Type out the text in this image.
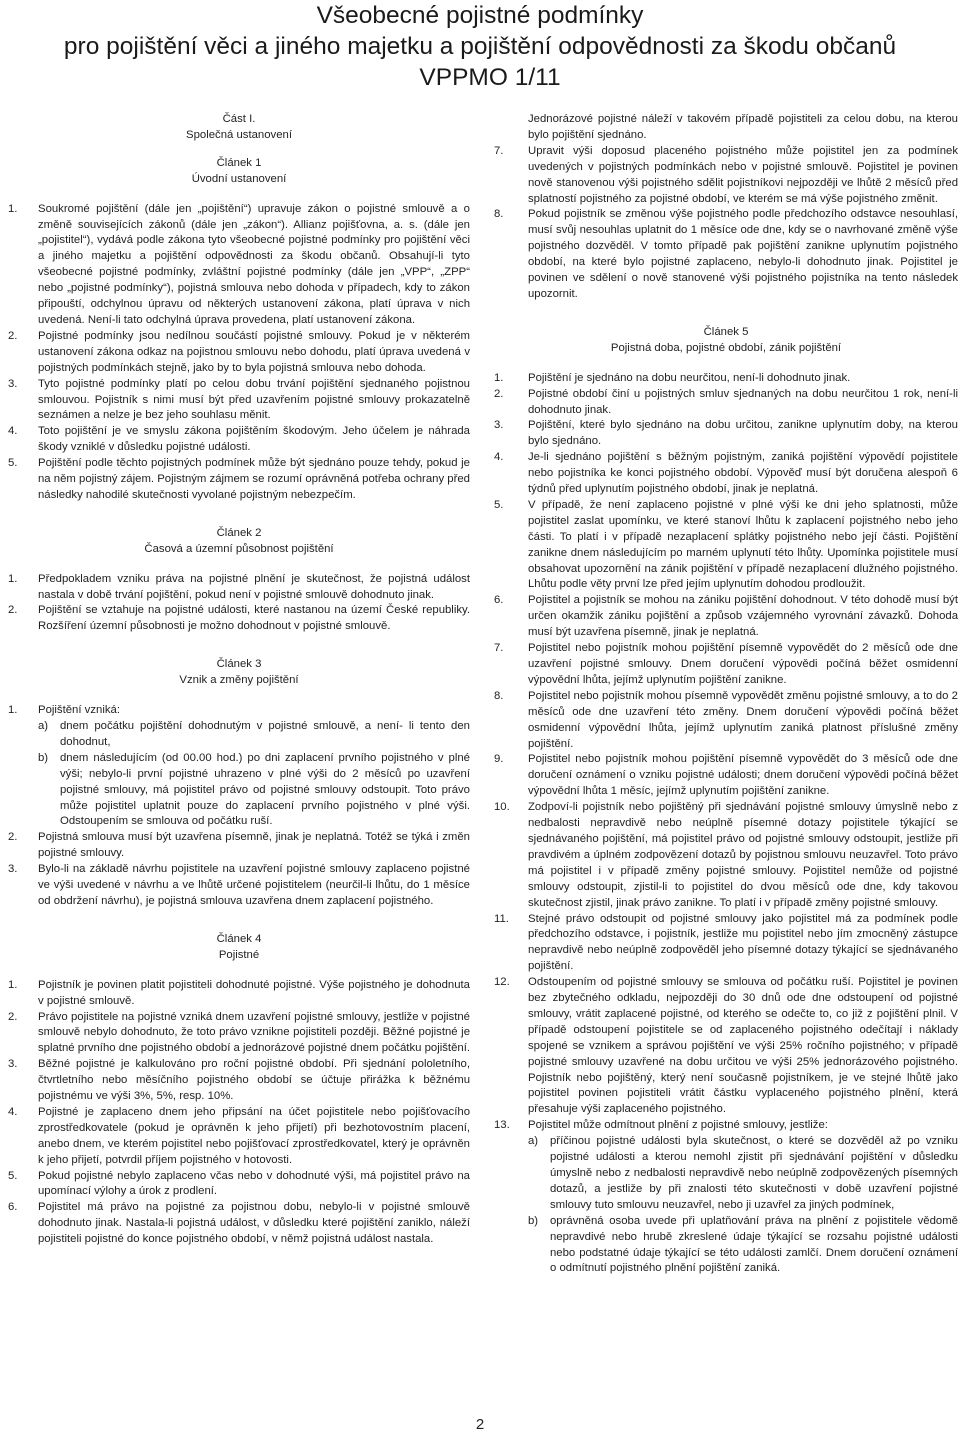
Všeobecné pojistné podmínky
pro pojištění věci a jiného majetku a pojištění odpovědnosti za škodu občanů
VPPMO 1/11
Část I.
Společná ustanovení
Článek 1
Úvodní ustanovení
1.	Soukromé pojištění (dále jen „pojištění“) upravuje zákon o pojistné smlouvě a o změně souvisejících zákonů (dále jen „zákon“). Allianz pojišťovna, a. s. (dále jen „pojistitel“), vydává podle zákona tyto všeobecné pojistné podmínky pro pojištění věci a jiného majetku a pojištění odpovědnosti za škodu občanů. Obsahují-li tyto všeobecné pojistné podmínky, zvláštní pojistné podmínky (dále jen „VPP“, „ZPP“ nebo „pojistné podmínky“), pojistná smlouva nebo dohoda v případech, kdy to zákon připouští, odchylnou úpravu od některých ustanovení zákona, platí úprava v nich uvedená. Není-li tato odchylná úprava provedena, platí ustanovení zákona.
2.	Pojistné podmínky jsou nedílnou součástí pojistné smlouvy. Pokud je v některém ustanovení zákona odkaz na pojistnou smlouvu nebo dohodu, platí úprava uvedená v pojistných podmínkách stejně, jako by to byla pojistná smlouva nebo dohoda.
3.	Tyto pojistné podmínky platí po celou dobu trvání pojištění sjednaného pojistnou smlouvou. Pojistník s nimi musí být před uzavřením pojistné smlouvy prokazatelně seznámen a nelze je bez jeho souhlasu měnit.
4.	Toto pojištění je ve smyslu zákona pojištěním škodovým. Jeho účelem je náhrada škody vzniklé v důsledku pojistné události.
5.	Pojištění podle těchto pojistných podmínek může být sjednáno pouze tehdy, pokud je na něm pojistný zájem. Pojistným zájmem se rozumí oprávněná potřeba ochrany před následky nahodilé skutečnosti vyvolané pojistným nebezpečím.
Článek 2
Časová a územní působnost pojištění
1.	Předpokladem vzniku práva na pojistné plnění je skutečnost, že pojistná událost nastala v době trvání pojištění, pokud není v pojistné smlouvě dohodnuto jinak.
2.	Pojištění se vztahuje na pojistné události, které nastanou na území České republiky. Rozšíření územní působnosti je možno dohodnout v pojistné smlouvě.
Článek 3
Vznik a změny pojištění
1.	Pojištění vzniká:
a)	dnem počátku pojištění dohodnutým v pojistné smlouvě, a není- li tento den dohodnut,
b)	dnem následujícím (od 00.00 hod.) po dni zaplacení prvního pojistného v plné výši; nebylo-li první pojistné uhrazeno v plné výši do 2 měsíců po uzavření pojistné smlouvy, má pojistitel právo od pojistné smlouvy odstoupit. Toto právo může pojistitel uplatnit pouze do zaplacení prvního pojistného v plné výši. Odstoupením se smlouva od počátku ruší.
2.	Pojistná smlouva musí být uzavřena písemně, jinak je neplatná. Totéž se týká i změn pojistné smlouvy.
3.	Bylo-li na základě návrhu pojistitele na uzavření pojistné smlouvy zaplaceno pojistné ve výši uvedené v návrhu a ve lhůtě určené pojistitelem (neurčil-li lhůtu, do 1 měsíce od obdržení návrhu), je pojistná smlouva uzavřena dnem zaplacení pojistného.
Článek 4
Pojistné
1.	Pojistník je povinen platit pojistiteli dohodnuté pojistné. Výše pojistného je dohodnuta v pojistné smlouvě.
2.	Právo pojistitele na pojistné vzniká dnem uzavření pojistné smlouvy, jestliže v pojistné smlouvě nebylo dohodnuto, že toto právo vznikne pojistiteli později. Běžné pojistné je splatné prvního dne pojistného období a jednorázové pojistné dnem počátku pojištění.
3.	Běžné pojistné je kalkulováno pro roční pojistné období. Při sjednání pololetního, čtvrtletního nebo měsíčního pojistného období se účtuje přirážka k běžnému pojistnému ve výši 3%, 5%, resp. 10%.
4.	Pojistné je zaplaceno dnem jeho připsání na účet pojistitele nebo pojišťovacího zprostředkovatele (pokud je oprávněn k jeho přijetí) při bezhotovostním placení, anebo dnem, ve kterém pojistitel nebo pojišťovací zprostředkovatel, který je oprávněn k jeho přijetí, potvrdil příjem pojistného v hotovosti.
5.	Pokud pojistné nebylo zaplaceno včas nebo v dohodnuté výši, má pojistitel právo na upomínací výlohy a úrok z prodlení.
6.	Pojistitel má právo na pojistné za pojistnou dobu, nebylo-li v pojistné smlouvě dohodnuto jinak. Nastala-li pojistná událost, v důsledku které pojištění zaniklo, náleží pojistiteli pojistné do konce pojistného období, v němž pojistná událost nastala.
Jednorázové pojistné náleží v takovém případě pojistiteli za celou dobu, na kterou bylo pojištění sjednáno.
7.	Upravit výši doposud placeného pojistného může pojistitel jen za podmínek uvedených v pojistných podmínkách nebo v pojistné smlouvě. Pojistitel je povinen nově stanovenou výši pojistného sdělit pojistníkovi nejpozději ve lhůtě 2 měsíců před splatností pojistného za pojistné období, ve kterém se má výše pojistného změnit.
8.	Pokud pojistník se změnou výše pojistného podle předchozího odstavce nesouhlasí, musí svůj nesouhlas uplatnit do 1 měsíce ode dne, kdy se o navrhované změně výše pojistného dozvěděl. V tomto případě pak pojištění zanikne uplynutím pojistného období, na které bylo pojistné zaplaceno, nebylo-li dohodnuto jinak. Pojistitel je povinen ve sdělení o nově stanovené výši pojistného pojistníka na tento následek upozornit.
Článek 5
Pojistná doba, pojistné období, zánik pojištění
1.	Pojištění je sjednáno na dobu neurčitou, není-li dohodnuto jinak.
2.	Pojistné období činí u pojistných smluv sjednaných na dobu neurčitou 1 rok, není-li dohodnuto jinak.
3.	Pojištění, které bylo sjednáno na dobu určitou, zanikne uplynutím doby, na kterou bylo sjednáno.
4.	Je-li sjednáno pojištění s běžným pojistným, zaniká pojištění výpovědí pojistitele nebo pojistníka ke konci pojistného období. Výpověď musí být doručena alespoň 6 týdnů před uplynutím pojistného období, jinak je neplatná.
5.	V případě, že není zaplaceno pojistné v plné výši ke dni jeho splatnosti, může pojistitel zaslat upomínku, ve které stanoví lhůtu k zaplacení pojistného nebo jeho části. To platí i v případě nezaplacení splátky pojistného nebo její části. Pojištění zanikne dnem následujícím po marném uplynutí této lhůty. Upomínka pojistitele musí obsahovat upozornění na zánik pojištění v případě nezaplacení dlužného pojistného. Lhůtu podle věty první lze před jejím uplynutím dohodou prodloužit.
6.	Pojistitel a pojistník se mohou na zániku pojištění dohodnout. V této dohodě musí být určen okamžik zániku pojištění a způsob vzájemného vyrovnání závazků. Dohoda musí být uzavřena písemně, jinak je neplatná.
7.	Pojistitel nebo pojistník mohou pojištění písemně vypovědět do 2 měsíců ode dne uzavření pojistné smlouvy. Dnem doručení výpovědi počíná běžet osmidenní výpovědní lhůta, jejímž uplynutím pojištění zanikne.
8.	Pojistitel nebo pojistník mohou písemně vypovědět změnu pojistné smlouvy, a to do 2 měsíců ode dne uzavření této změny. Dnem doručení výpovědi počíná běžet osmidenní výpovědní lhůta, jejímž uplynutím zaniká platnost příslušné změny pojištění.
9.	Pojistitel nebo pojistník mohou pojištění písemně vypovědět do 3 měsíců ode dne doručení oznámení o vzniku pojistné události; dnem doručení výpovědi počíná běžet výpovědní lhůta 1 měsíc, jejímž uplynutím pojištění zanikne.
10.	Zodpoví-li pojistník nebo pojištěný při sjednávání pojistné smlouvy úmyslně nebo z nedbalosti nepravdivě nebo neúplně písemné dotazy pojistitele týkající se sjednávaného pojištění, má pojistitel právo od pojistné smlouvy odstoupit, jestliže při pravdivém a úplném zodpovězení dotazů by pojistnou smlouvu neuzavřel. Toto právo má pojistitel i v případě změny pojistné smlouvy. Pojistitel nemůže od pojistné smlouvy odstoupit, zjistil-li to pojistitel do dvou měsíců ode dne, kdy takovou skutečnost zjistil, jinak právo zanikne. To platí i v případě změny pojistné smlouvy.
11.	Stejné právo odstoupit od pojistné smlouvy jako pojistitel má za podmínek podle předchozího odstavce, i pojistník, jestliže mu pojistitel nebo jím zmocněný zástupce nepravdivě nebo neúplně zodpověděl jeho písemné dotazy týkající se sjednávaného pojištění.
12.	Odstoupením od pojistné smlouvy se smlouva od počátku ruší. Pojistitel je povinen bez zbytečného odkladu, nejpozději do 30 dnů ode dne odstoupení od pojistné smlouvy, vrátit zaplacené pojistné, od kterého se odečte to, co již z pojištění plnil. V případě odstoupení pojistitele se od zaplaceného pojistného odečítají i náklady spojené se vznikem a správou pojištění ve výši 25% ročního pojistného; v případě pojistné smlouvy uzavřené na dobu určitou ve výši 25% jednorázového pojistného. Pojistník nebo pojištěný, který není současně pojistníkem, je ve stejné lhůtě jako pojistitel povinen pojistiteli vrátit částku vyplaceného pojistného plnění, která přesahuje výši zaplaceného pojistného.
13.	Pojistitel může odmítnout plnění z pojistné smlouvy, jestliže:
a)	příčinou pojistné události byla skutečnost, o které se dozvěděl až po vzniku pojistné události a kterou nemohl zjistit při sjednávání pojištění v důsledku úmyslně nebo z nedbalosti nepravdivě nebo neúplně zodpovězených písemných dotazů, a jestliže by při znalosti této skutečnosti v době uzavření pojistné smlouvy tuto smlouvu neuzavřel, nebo ji uzavřel za jiných podmínek,
b)	oprávněná osoba uvede při uplatňování práva na plnění z pojistitele vědomě nepravdivé nebo hrubě zkreslené údaje týkající se rozsahu pojistné události nebo podstatné údaje týkající se této události zamlčí. Dnem doručení oznámení o odmítnutí pojistného plnění pojištění zaniká.
2
